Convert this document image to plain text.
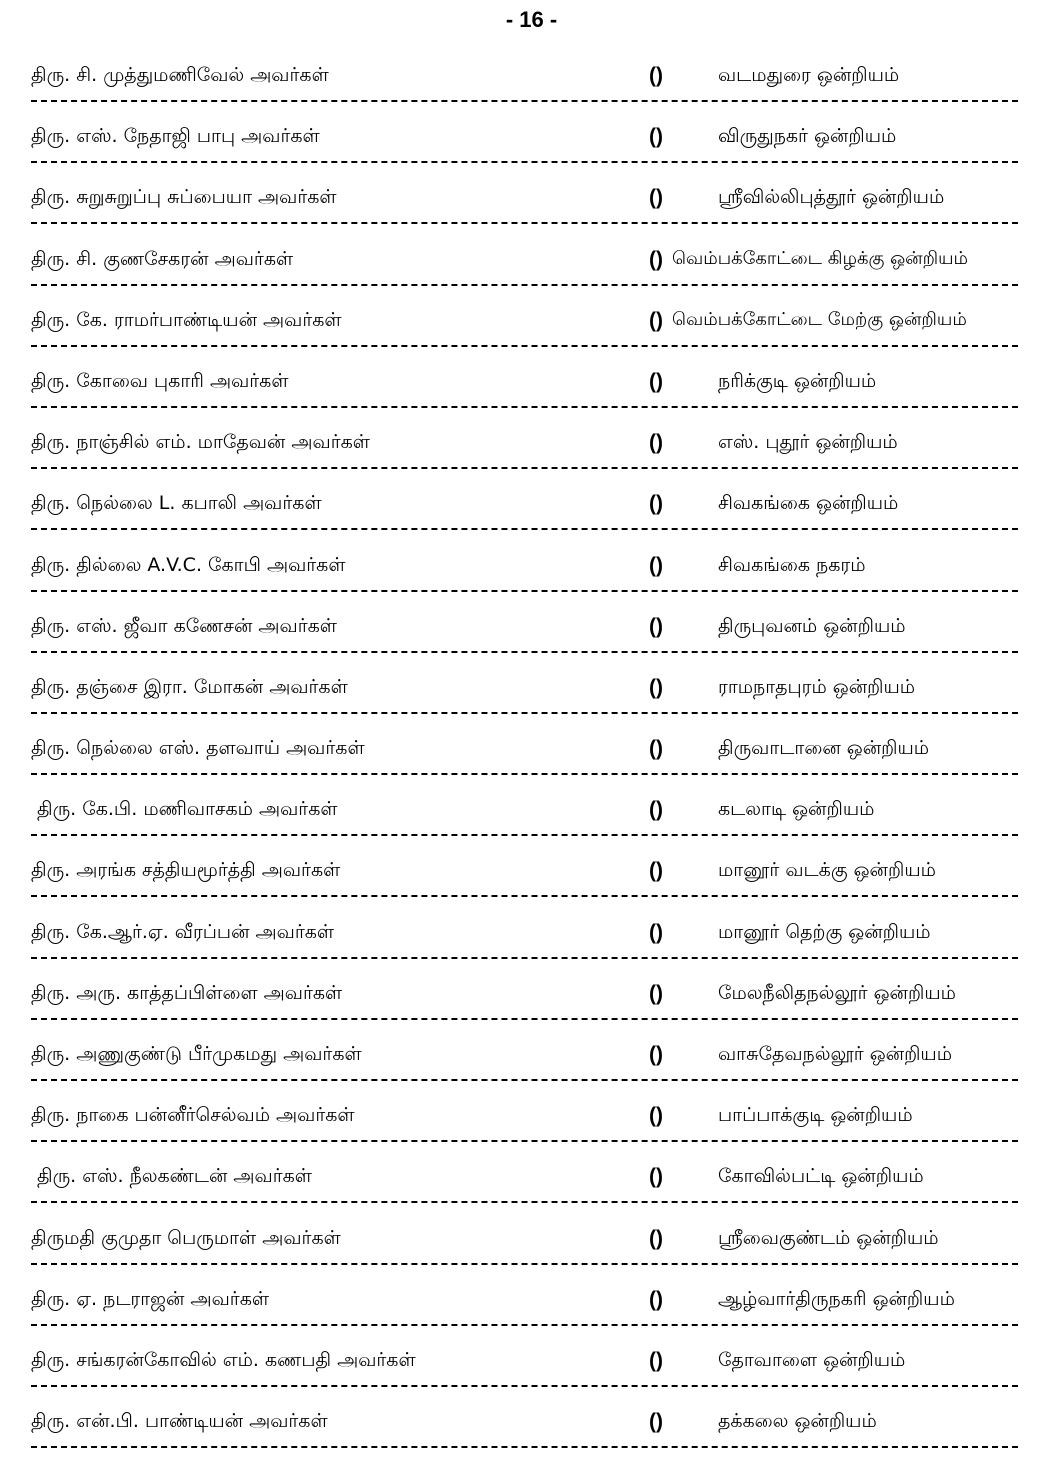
- 16 -
திரு. சி. முத்துமணிவேல் அவர்கள்	()	வடமதுரை ஒன்றியம்
திரு. எஸ். நேதாஜி பாபு அவர்கள்	()	விருதுநகர் ஒன்றியம்
திரு. சுறுசுறுப்பு சுப்பையா அவர்கள்	()	ஸ்ரீவில்லிபுத்தூர் ஒன்றியம்
திரு. சி. குணசேகரன் அவர்கள்	() வெம்பக்கோட்டை கிழக்கு ஒன்றியம்
திரு. கே. ராமர்பாண்டியன் அவர்கள்	() வெம்பக்கோட்டை மேற்கு ஒன்றியம்
திரு. கோவை புகாரி அவர்கள்	()	நரிக்குடி ஒன்றியம்
திரு. நாஞ்சில் எம். மாதேவன் அவர்கள்	()	எஸ். புதூர் ஒன்றியம்
திரு. நெல்லை L. கபாலி அவர்கள்	()	சிவகங்கை ஒன்றியம்
திரு. தில்லை A.V.C. கோபி அவர்கள்	()	சிவகங்கை நகரம்
திரு. எஸ். ஜீவா கணேசன் அவர்கள்	()	திருபுவனம் ஒன்றியம்
திரு. தஞ்சை இரா. மோகன் அவர்கள்	()	ராமநாதபுரம் ஒன்றியம்
திரு. நெல்லை எஸ். தளவாய் அவர்கள்	()	திருவாடானை ஒன்றியம்
திரு. கே.பி. மணிவாசகம் அவர்கள்	()	கடலாடி ஒன்றியம்
திரு. அரங்க சத்தியமூர்த்தி அவர்கள்	()	மானூர் வடக்கு ஒன்றியம்
திரு. கே.ஆர்.ஏ. வீரப்பன் அவர்கள்	()	மானூர் தெற்கு ஒன்றியம்
திரு. அரு. காத்தப்பிள்ளை அவர்கள்	()	மேலநீலிதநல்லூர் ஒன்றியம்
திரு. அணுகுண்டு பீர்முகமது அவர்கள்	()	வாசுதேவநல்லூர் ஒன்றியம்
திரு. நாகை பன்னீர்செல்வம் அவர்கள்	()	பாப்பாக்குடி ஒன்றியம்
திரு. எஸ். நீலகண்டன் அவர்கள்	()	கோவில்பட்டி ஒன்றியம்
திருமதி குமுதா பெருமாள் அவர்கள்	()	ஸ்ரீவைகுண்டம் ஒன்றியம்
திரு. ஏ. நடராஜன் அவர்கள்	()	ஆழ்வார்திருநகரி ஒன்றியம்
திரு. சங்கரன்கோவில் எம். கணபதி அவர்கள்	()	தோவாளை ஒன்றியம்
திரு. என்.பி. பாண்டியன் அவர்கள்	()	தக்கலை ஒன்றியம்
